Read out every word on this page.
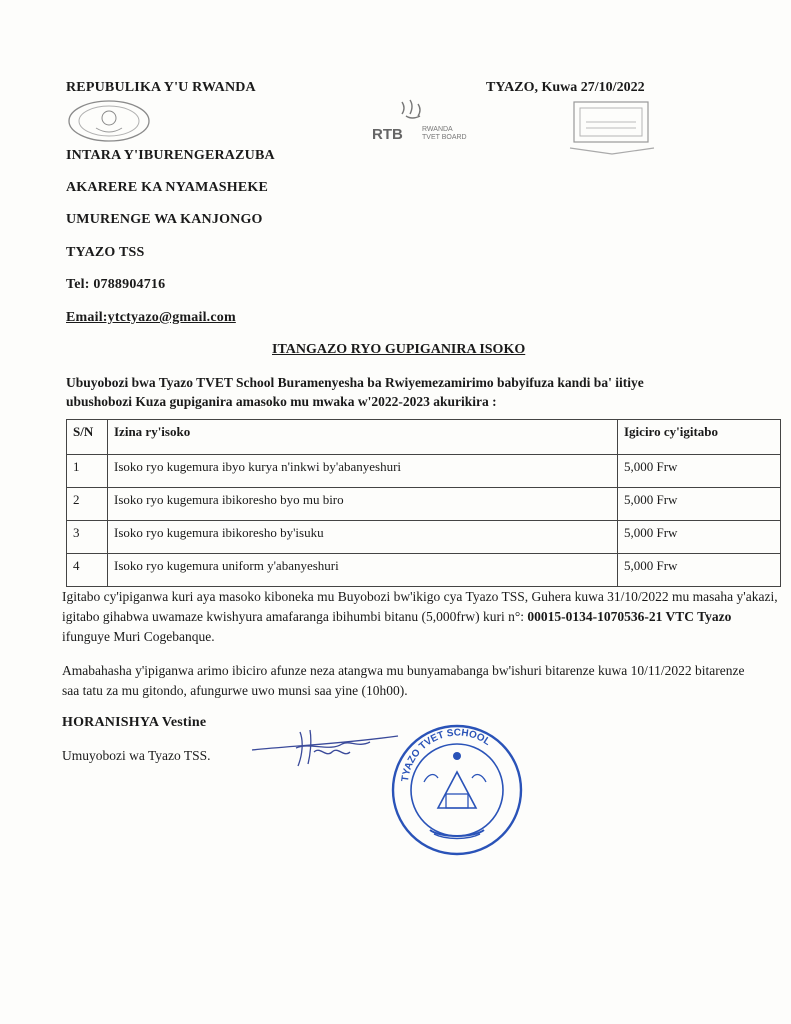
REPUBULIKA Y'U RWANDA
INTARA Y'IBURENGERAZUBA
AKARERE KA NYAMASHEKE
UMURENGE WA KANJONGO
TYAZO TSS
Tel: 0788904716
Email:ytctyazo@gmail.com
RTB	RWANDA
TVET BOARD
TYAZO, Kuwa 27/10/2022
ITANGAZO RYO GUPIGANIRA ISOKO
Ubuyobozi bwa Tyazo TVET School Buramenyesha ba Rwiyemezamirimo babyifuza kandi ba' iitiye ubushobozi Kuza gupiganira amasoko mu mwaka w'2022-2023 akurikira :
S/N	Izina ry'isoko	Igiciro cy'igitabo
1	Isoko ryo kugemura ibyo kurya n'inkwi by'abanyeshuri	5,000 Frw
2	Isoko ryo kugemura ibikoresho byo mu biro	5,000 Frw
3	Isoko ryo kugemura ibikoresho by'isuku	5,000 Frw
4	Isoko ryo kugemura uniform y'abanyeshuri	5,000 Frw
Igitabo cy'ipiganwa kuri aya masoko kiboneka mu Buyobozi bw'ikigo cya Tyazo TSS, Guhera kuwa 31/10/2022 mu masaha y'akazi, igitabo gihabwa uwamaze kwishyura amafaranga ibihumbi bitanu (5,000frw) kuri n°: 00015-0134-1070536-21 VTC Tyazo ifunguye Muri Cogebanque.
Amabahasha y'ipiganwa arimo ibiciro afunze neza atangwa mu bunyamabanga bw'ishuri bitarenze kuwa 10/11/2022 bitarenze saa tatu za mu gitondo, afungurwe uwo munsi saa yine (10h00).
HORANISHYA Vestine
Umuyobozi wa Tyazo TSS.
TYAZO TVET SCHOOL
